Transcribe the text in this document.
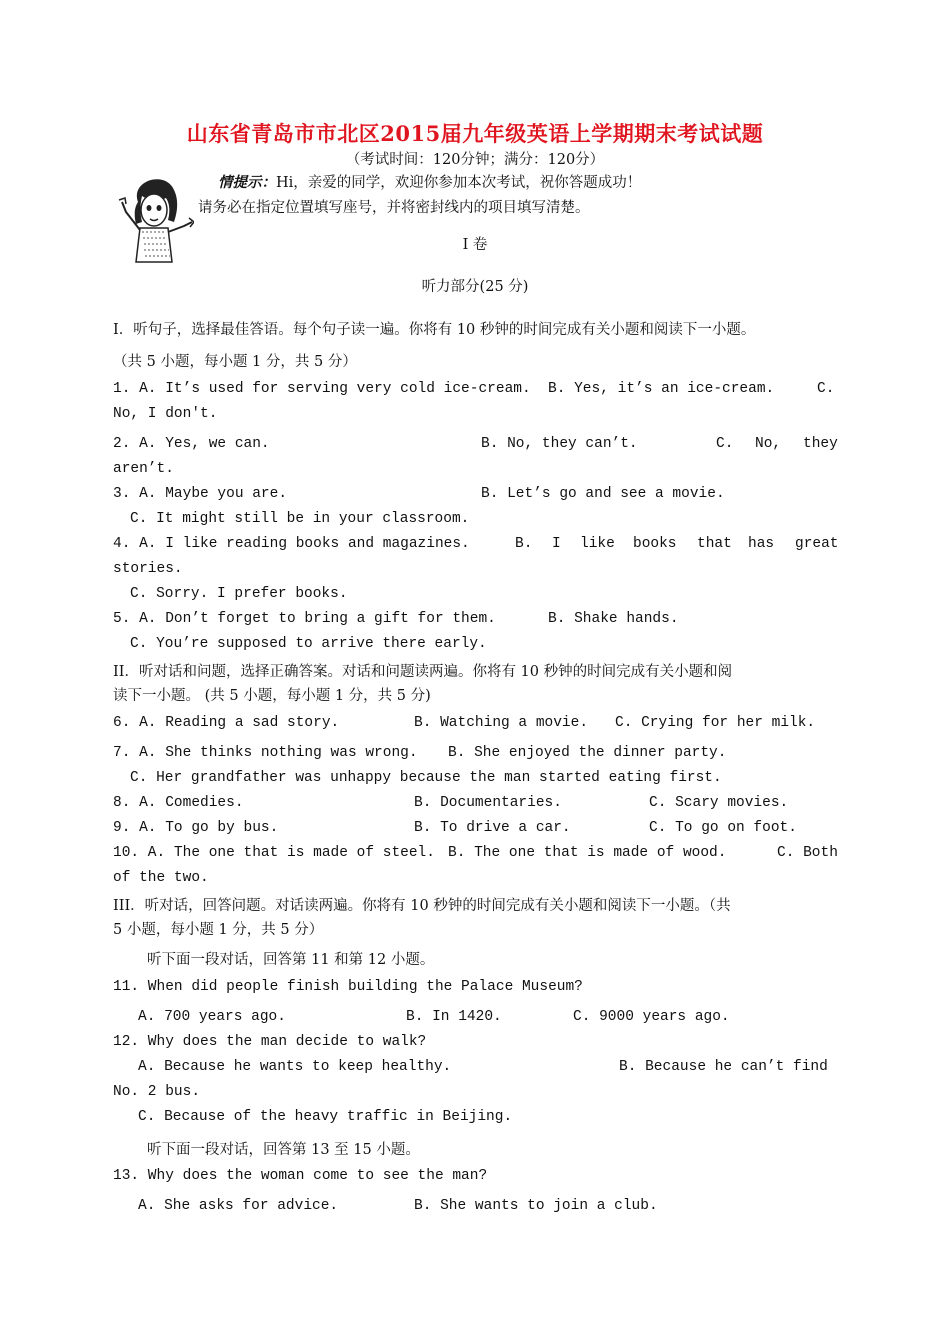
山东省青岛市市北区2015届九年级英语上学期期末考试试题
（考试时间：120分钟；满分：120分）
情提示：Hi，亲爱的同学，欢迎你参加本次考试，祝你答题成功！
请务必在指定位置填写座号，并将密封线内的项目填写清楚。
I 卷
听力部分(25 分)
I．听句子，选择最佳答语。每个句子读一遍。你将有 10 秒钟的时间完成有关小题和阅读下一小题。
（共 5 小题，每小题 1 分，共 5 分）
1. A. It’s used for serving very cold ice-cream. B. Yes, it’s an ice-cream.	C.
No, I don't.
2. A. Yes, we can.	B. No, they can’t.	C. No, they
aren’t.
3. A. Maybe you are.	B. Let’s go and see a movie.
C. It might still be in your classroom.
4. A. I like reading books and magazines.	B. I like books that has great
stories.
C. Sorry. I prefer books.
5. A. Don’t forget to bring a gift for them.	B. Shake hands.
C. You’re supposed to arrive there early.
II．听对话和问题，选择正确答案。对话和问题读两遍。你将有 10 秒钟的时间完成有关小题和阅
读下一小题。 (共 5 小题，每小题 1 分，共 5 分)
6. A. Reading a sad story.	B. Watching a movie. C. Crying for her milk.
7. A. She thinks nothing was wrong. B. She enjoyed the dinner party.
C. Her grandfather was unhappy because the man started eating first.
8. A. Comedies.	B. Documentaries.	C. Scary movies.
9. A. To go by bus.	B. To drive a car.	C. To go on foot.
10. A. The one that is made of steel. B. The one that is made of wood.	C. Both
of the two.
III．听对话，回答问题。对话读两遍。你将有 10 秒钟的时间完成有关小题和阅读下一小题。（共
5 小题，每小题 1 分，共 5 分）
听下面一段对话，回答第 11 和第 12 小题。
11. When did people finish building the Palace Museum?
A. 700 years ago.	B. In 1420.	C. 9000 years ago.
12. Why does the man decide to walk?
A. Because he wants to keep healthy.	B. Because he can’t find
No. 2 bus.
C. Because of the heavy traffic in Beijing.
听下面一段对话，回答第 13 至 15 小题。
13. Why does the woman come to see the man?
A. She asks for advice.	B. She wants to join a club.
